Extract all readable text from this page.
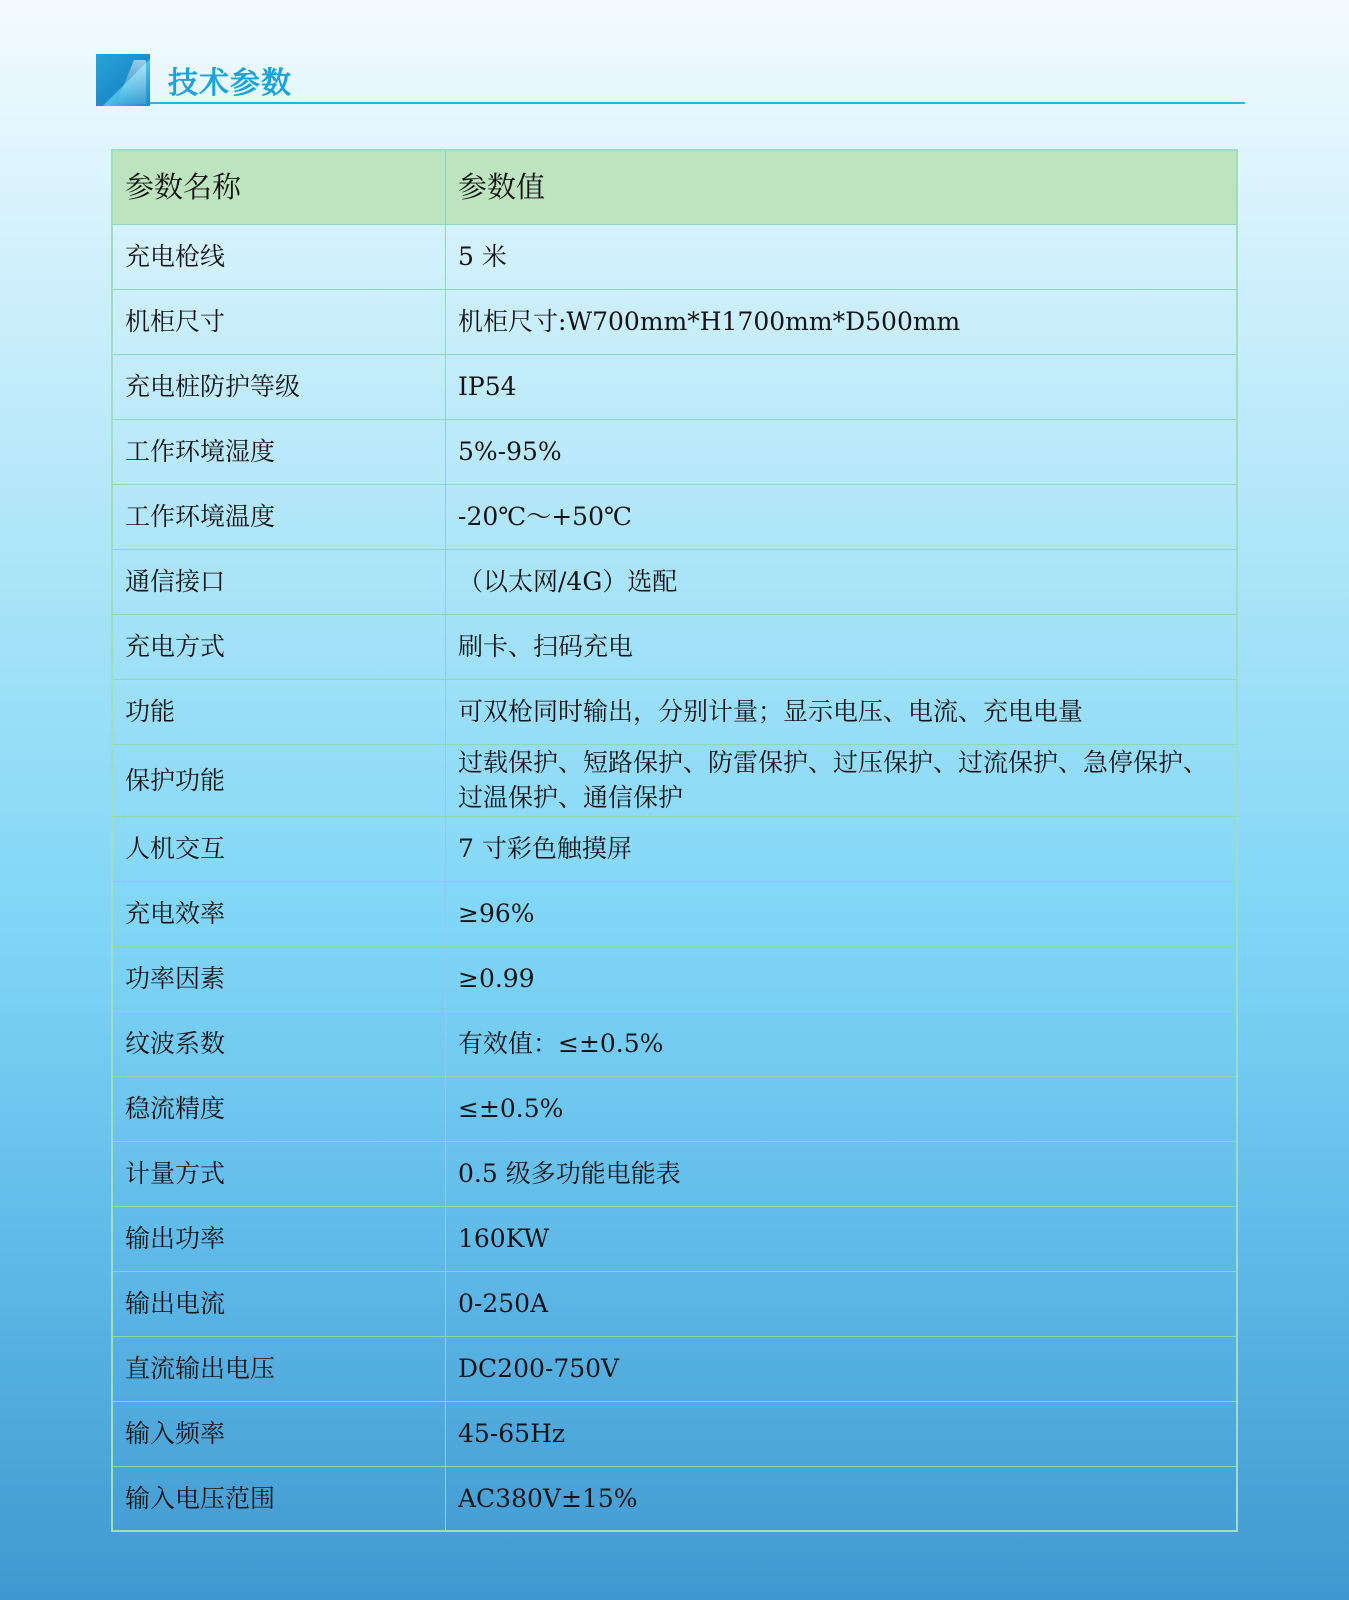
技术参数
参数名称	参数值
充电枪线	5 米
机柜尺寸	机柜尺寸:W700mm*H1700mm*D500mm
充电桩防护等级	IP54
工作环境湿度	5%-95%
工作环境温度	-20℃～+50℃
通信接口	（以太网/4G）选配
充电方式	刷卡、扫码充电
功能	可双枪同时输出，分别计量；显示电压、电流、充电电量
保护功能	过载保护、短路保护、防雷保护、过压保护、过流保护、急停保护、过温保护、通信保护
人机交互	7 寸彩色触摸屏
充电效率	≥96%
功率因素	≥0.99
纹波系数	有效值：≤±0.5%
稳流精度	≤±0.5%
计量方式	0.5 级多功能电能表
输出功率	160KW
输出电流	0-250A
直流输出电压	DC200-750V
输入频率	45-65Hz
输入电压范围	AC380V±15%
